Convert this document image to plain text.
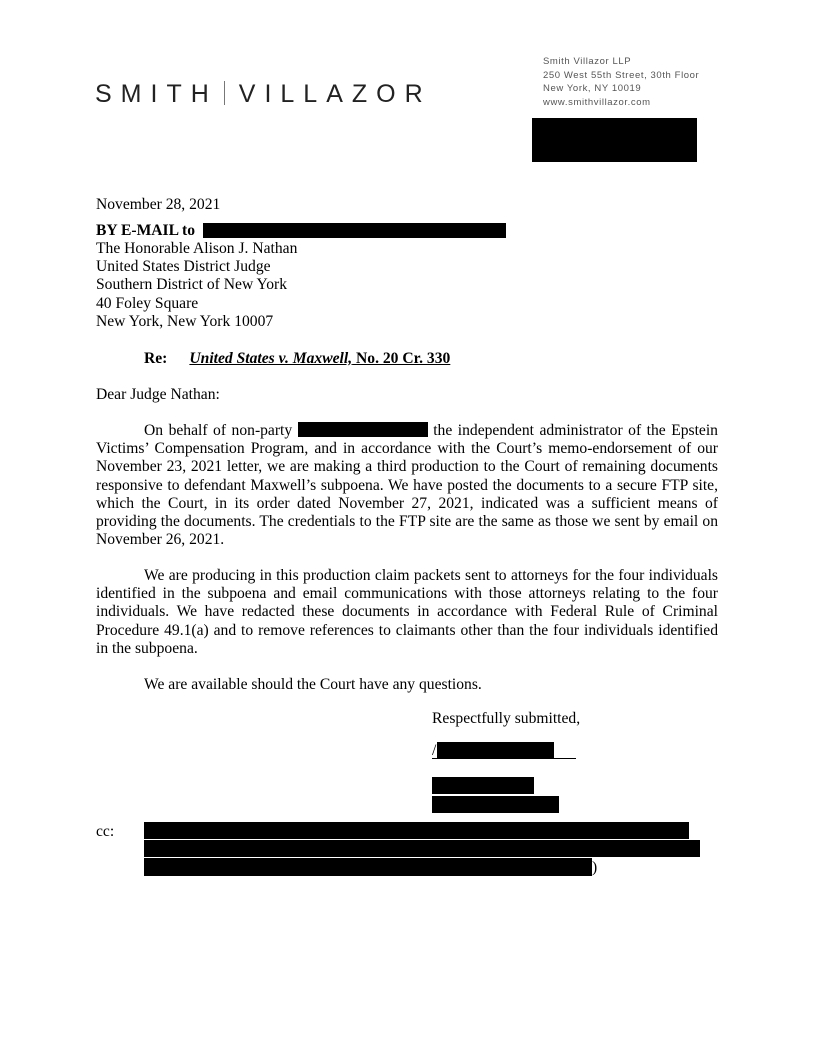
SMITH VILLAZOR
Smith Villazor LLP
250 West 55th Street, 30th Floor
New York, NY 10019
www.smithvillazor.com
November 28, 2021
BY E-MAIL to
The Honorable Alison J. Nathan
United States District Judge
Southern District of New York
40 Foley Square
New York, New York 10007
Re: United States v. Maxwell, No. 20 Cr. 330
Dear Judge Nathan:

On behalf of non-party	the independent administrator of the Epstein Victims’ Compensation Program, and in accordance with the Court’s memo-endorsement of our November 23, 2021 letter, we are making a third production to the Court of remaining documents responsive to defendant Maxwell’s subpoena. We have posted the documents to a secure FTP site, which the Court, in its order dated November 27, 2021, indicated was a sufficient means of providing the documents. The credentials to the FTP site are the same as those we sent by email on November 26, 2021.

We are producing in this production claim packets sent to attorneys for the four individuals identified in the subpoena and email communications with those attorneys relating to the four individuals. We have redacted these documents in accordance with Federal Rule of Criminal Procedure 49.1(a) and to remove references to claimants other than the four individuals identified in the subpoena.

We are available should the Court have any questions.

Respectfully submitted,
/
cc:
)
